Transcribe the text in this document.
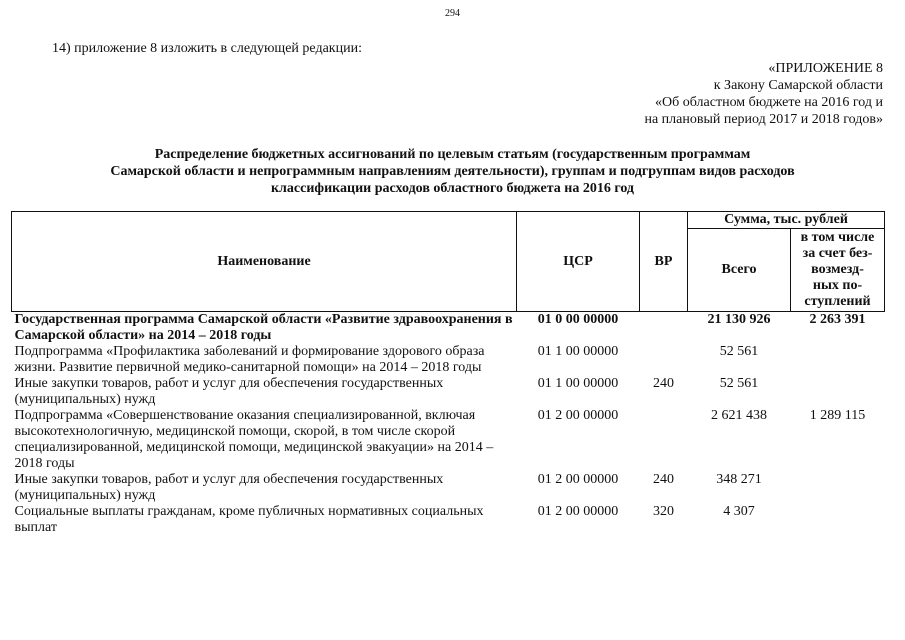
294
14) приложение 8 изложить в следующей редакции:
«ПРИЛОЖЕНИЕ 8
к Закону Самарской области
«Об областном бюджете на 2016 год и
на плановый период 2017 и 2018 годов»
Распределение бюджетных ассигнований по целевым статьям (государственным программам
Самарской области и непрограммным направлениям деятельности), группам и подгруппам видов расходов
классификации расходов областного бюджета на 2016 год
Наименование	ЦСР	ВР	Сумма, тыс. рублей	
			Всего	в том числе
за счет без-
возмезд-
ных по-
ступлений

Государственная программа Самарской области «Развитие здравоохранения в Самарской области» на 2014 – 2018 годы	01 0 00 00000		21 130 926	2 263 391
Подпрограмма «Профилактика заболеваний и формирование здорового образа жизни. Развитие первичной медико-санитарной помощи» на 2014 – 2018 годы	01 1 00 00000		52 561	
Иные закупки товаров, работ и услуг для обеспечения государственных (муниципальных) нужд	01 1 00 00000	240	52 561	
Подпрограмма «Совершенствование оказания специализированной, включая высокотехнологичную, медицинской помощи, скорой, в том числе скорой специализированной, медицинской помощи, медицинской эвакуации» на 2014 – 2018 годы	01 2 00 00000		2 621 438	1 289 115
Иные закупки товаров, работ и услуг для обеспечения государственных (муниципальных) нужд	01 2 00 00000	240	348 271	
Социальные выплаты гражданам, кроме публичных нормативных социальных выплат	01 2 00 00000	320	4 307	
